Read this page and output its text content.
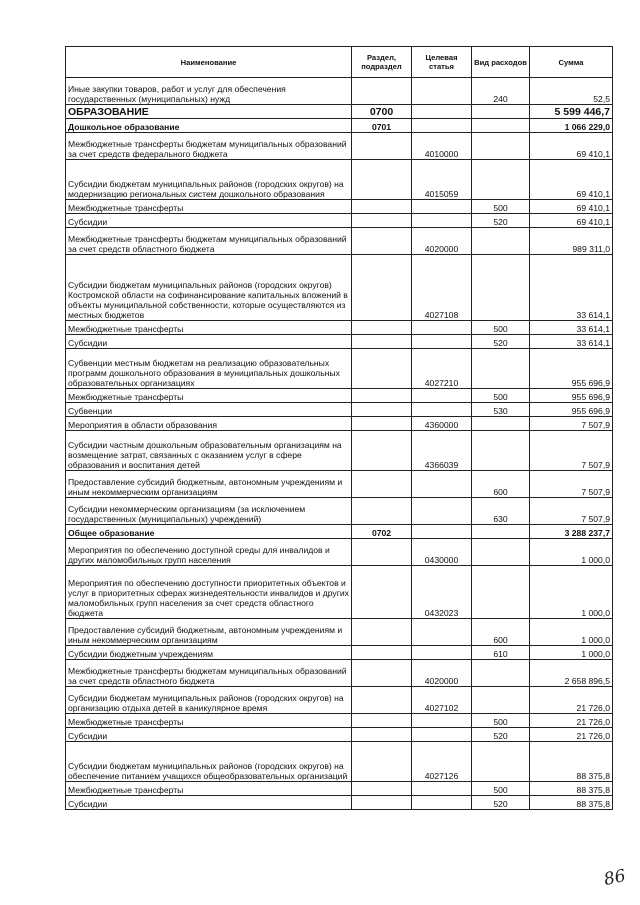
Наименование	Раздел, подраздел	Целевая статья	Вид расходов	Сумма
Иные закупки товаров, работ и услуг для обеспечения государственных (муниципальных) нужд			240	52,5
ОБРАЗОВАНИЕ	0700			5 599 446,7
Дошкольное образование	0701			1 066 229,0
Межбюджетные трансферты бюджетам муниципальных образований за счет средств федерального бюджета		4010000		69 410,1
Субсидии бюджетам муниципальных районов (городских округов) на модернизацию региональных систем дошкольного образования		4015059		69 410,1
Межбюджетные трансферты			500	69 410,1
Субсидии			520	69 410,1
Межбюджетные трансферты бюджетам муниципальных образований за счет средств областного бюджета		4020000		989 311,0
Субсидии бюджетам муниципальных районов (городских округов) Костромской области на софинансирование капитальных вложений в объекты муниципальной собственности, которые осуществляются из местных бюджетов		4027108		33 614,1
Межбюджетные трансферты			500	33 614,1
Субсидии			520	33 614,1
Субвенции местным бюджетам на реализацию образовательных программ дошкольного образования в муниципальных дошкольных образовательных организациях		4027210		955 696,9
Межбюджетные трансферты			500	955 696,9
Субвенции			530	955 696,9
Мероприятия в области образования		4360000		7 507,9
Субсидии частным дошкольным образовательным организациям на возмещение затрат, связанных с оказанием услуг в сфере образования и воспитания детей		4366039		7 507,9
Предоставление субсидий бюджетным, автономным учреждениям и иным некоммерческим организациям			600	7 507,9
Субсидии некоммерческим организациям (за исключением государственных (муниципальных) учреждений)			630	7 507,9
Общее образование	0702			3 288 237,7
Мероприятия по обеспечению доступной среды для инвалидов и других маломобильных групп населения		0430000		1 000,0
Мероприятия по обеспечению доступности приоритетных объектов и услуг в приоритетных сферах жизнедеятельности инвалидов и других маломобильных групп населения за счет средств областного бюджета		0432023		1 000,0
Предоставление субсидий бюджетным, автономным учреждениям и иным некоммерческим организациям			600	1 000,0
Субсидии бюджетным учреждениям			610	1 000,0
Межбюджетные трансферты бюджетам муниципальных образований за счет средств областного бюджета		4020000		2 658 896,5
Субсидии бюджетам муниципальных районов (городских округов) на организацию отдыха детей в каникулярное время		4027102		21 726,0
Межбюджетные трансферты			500	21 726,0
Субсидии			520	21 726,0
Субсидии бюджетам муниципальных районов (городских округов) на обеспечение питанием учащихся общеобразовательных организаций		4027126		88 375,8
Межбюджетные трансферты			500	88 375,8
Субсидии			520	88 375,8
86
